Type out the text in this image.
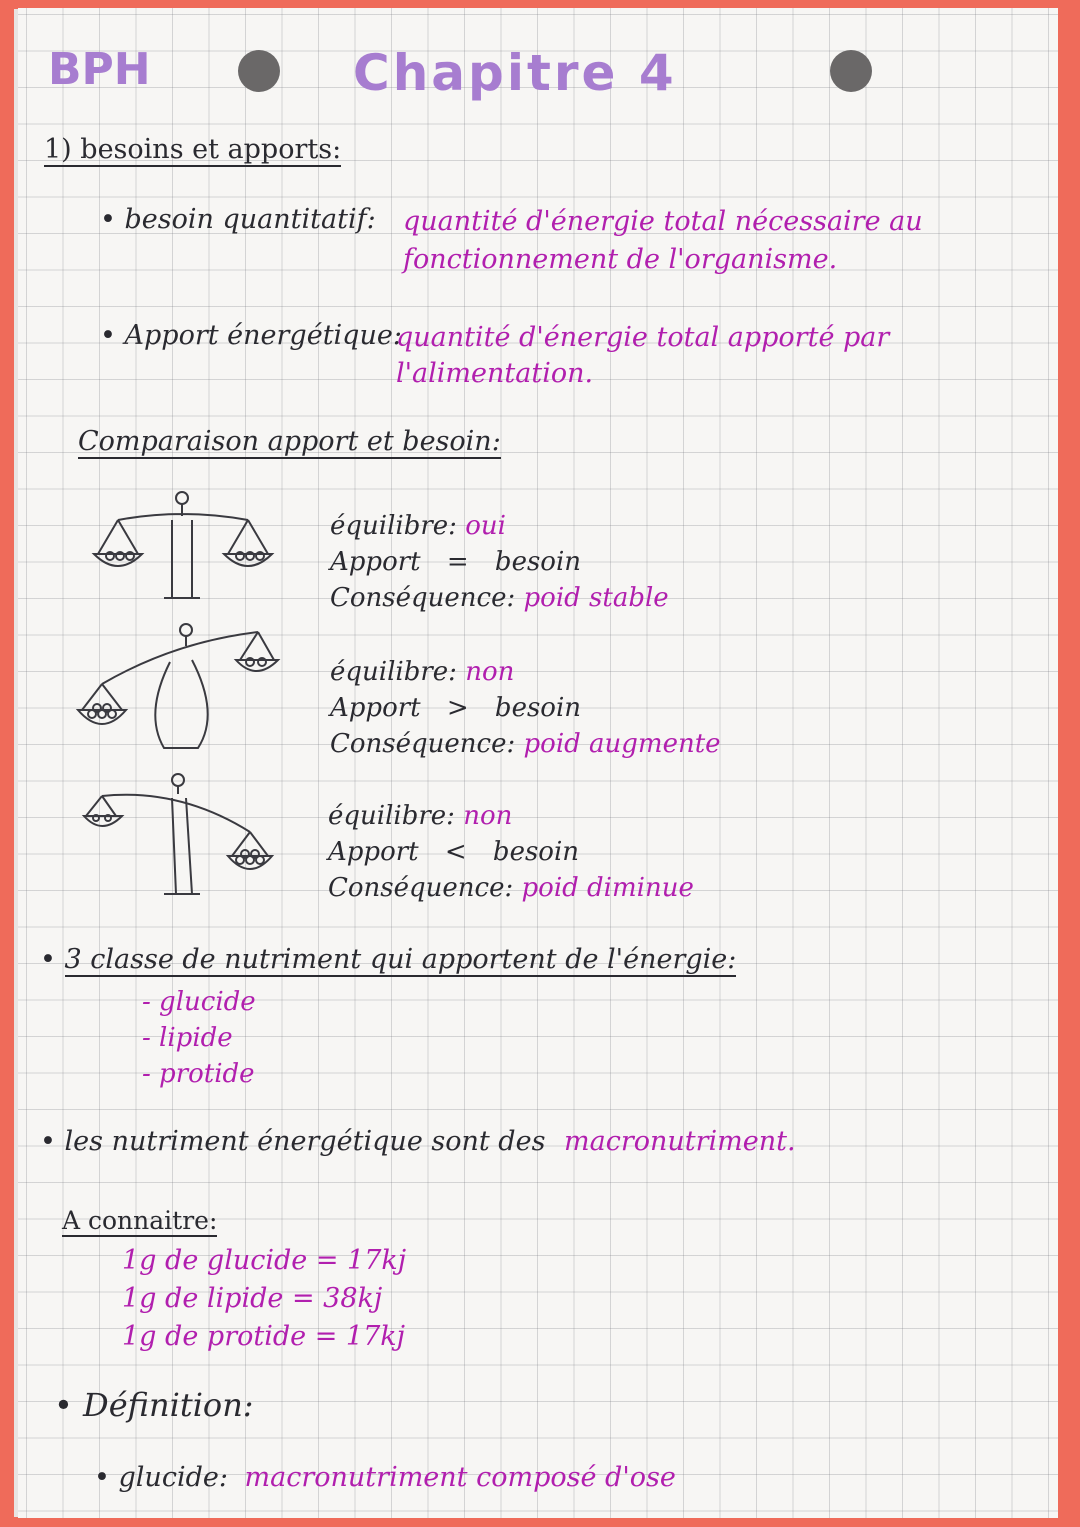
BPH	Chapitre 4
1) besoins et apports:
• besoin quantitatif: quantité d'énergie total nécessaire au
fonctionnement de l'organisme.
• Apport énergétique:
quantité d'énergie total apporté par
l'alimentation.
Comparaison apport et besoin:
équilibre: oui
Apport = besoin
Conséquence: poid stable
équilibre: non
Apport > besoin
Conséquence: poid augmente
équilibre: non
Apport < besoin
Conséquence: poid diminue
• 3 classe de nutriment qui apportent de l'énergie:
- glucide
- lipide
- protide
• les nutriment énergétique sont des macronutriment.
A connaitre:
1g de glucide = 17kj
1g de lipide = 38kj
1g de protide = 17kj
• Définition:
• glucide: macronutriment composé d'ose
